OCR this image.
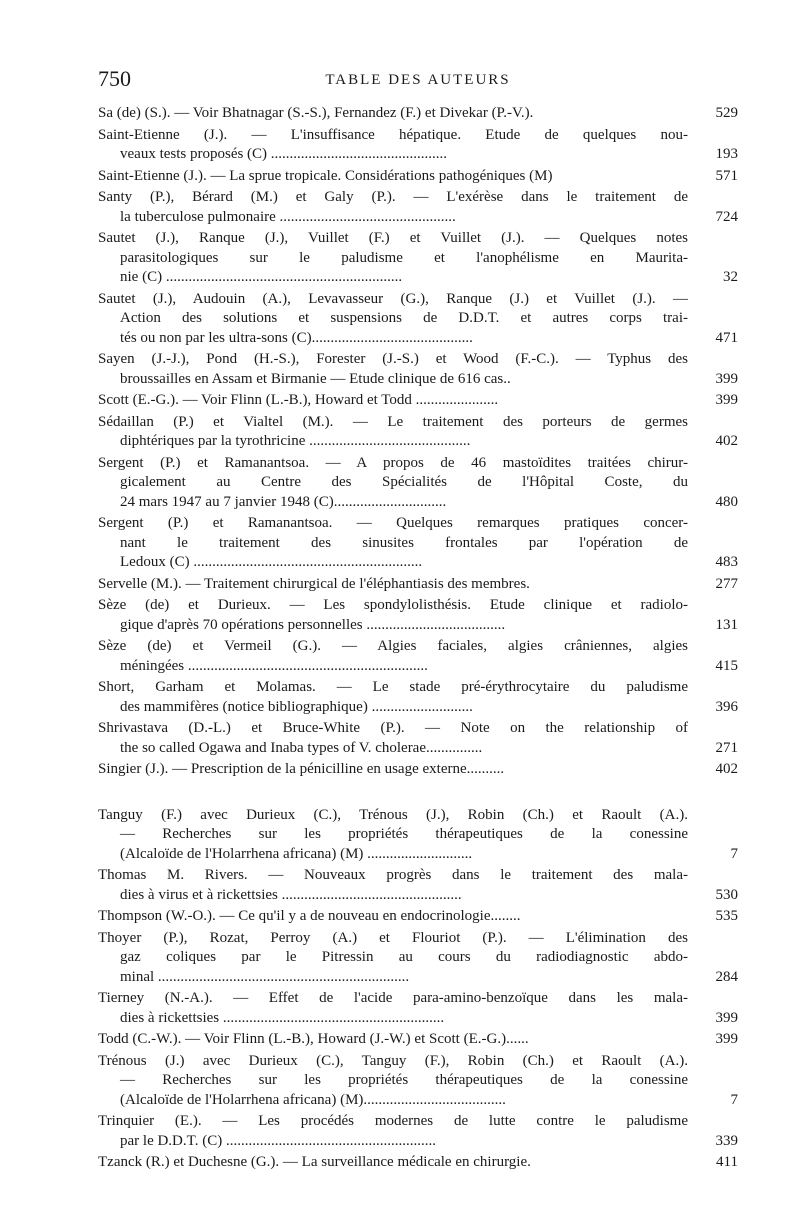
750	TABLE DES AUTEURS
Sa (de) (S.). — Voir Bhatnagar (S.-S.), Fernandez (F.) et Divekar (P.-V.).	529
Saint-Etienne (J.). — L'insuffisance hépatique. Etude de quelques nou-
veaux tests proposés (C) ...............................................	193
Saint-Etienne (J.). — La sprue tropicale. Considérations pathogéniques (M)	571
Santy (P.), Bérard (M.) et Galy (P.). — L'exérèse dans le traitement de
la tuberculose pulmonaire ...............................................	724
Sautet (J.), Ranque (J.), Vuillet (F.) et Vuillet (J.). — Quelques notes
parasitologiques sur le paludisme et l'anophélisme en Maurita-
nie (C) ...............................................................	32
Sautet (J.), Audouin (A.), Levavasseur (G.), Ranque (J.) et Vuillet (J.). —
Action des solutions et suspensions de D.D.T. et autres corps trai-
tés ou non par les ultra-sons (C)...........................................	471
Sayen (J.-J.), Pond (H.-S.), Forester (J.-S.) et Wood (F.-C.). — Typhus des
broussailles en Assam et Birmanie — Etude clinique de 616 cas..	399
Scott (E.-G.). — Voir Flinn (L.-B.), Howard et Todd ......................	399
Sédaillan (P.) et Vialtel (M.). — Le traitement des porteurs de germes
diphtériques par la tyrothricine ...........................................	402
Sergent (P.) et Ramanantsoa. — A propos de 46 mastoïdites traitées chirur-
gicalement au Centre des Spécialités de l'Hôpital Coste, du
24 mars 1947 au 7 janvier 1948 (C)..............................	480
Sergent (P.) et Ramanantsoa. — Quelques remarques pratiques concer-
nant le traitement des sinusites frontales par l'opération de
Ledoux (C) .............................................................	483
Servelle (M.). — Traitement chirurgical de l'éléphantiasis des membres.	277
Sèze (de) et Durieux. — Les spondylolisthésis. Etude clinique et radiolo-
gique d'après 70 opérations personnelles .....................................	131
Sèze (de) et Vermeil (G.). — Algies faciales, algies crâniennes, algies
méningées ................................................................	415
Short, Garham et Molamas. — Le stade pré-érythrocytaire du paludisme
des mammifères (notice bibliographique) ...........................	396
Shrivastava (D.-L.) et Bruce-White (P.). — Note on the relationship of
the so called Ogawa and Inaba types of V. cholerae...............	271
Singier (J.). — Prescription de la pénicilline en usage externe..........	402
Tanguy (F.) avec Durieux (C.), Trénous (J.), Robin (Ch.) et Raoult (A.).
— Recherches sur les propriétés thérapeutiques de la conessine
(Alcaloïde de l'Holarrhena africana) (M) ............................	7
Thomas M. Rivers. — Nouveaux progrès dans le traitement des mala-
dies à virus et à rickettsies ................................................	530
Thompson (W.-O.). — Ce qu'il y a de nouveau en endocrinologie........	535
Thoyer (P.), Rozat, Perroy (A.) et Flouriot (P.). — L'élimination des
gaz coliques par le Pitressin au cours du radiodiagnostic abdo-
minal ...................................................................	284
Tierney (N.-A.). — Effet de l'acide para-amino-benzoïque dans les mala-
dies à rickettsies ...........................................................	399
Todd (C.-W.). — Voir Flinn (L.-B.), Howard (J.-W.) et Scott (E.-G.)......	399
Trénous (J.) avec Durieux (C.), Tanguy (F.), Robin (Ch.) et Raoult (A.).
— Recherches sur les propriétés thérapeutiques de la conessine
(Alcaloïde de l'Holarrhena africana) (M)......................................	7
Trinquier (E.). — Les procédés modernes de lutte contre le paludisme
par le D.D.T. (C) ........................................................	339
Tzanck (R.) et Duchesne (G.). — La surveillance médicale en chirurgie.	411
